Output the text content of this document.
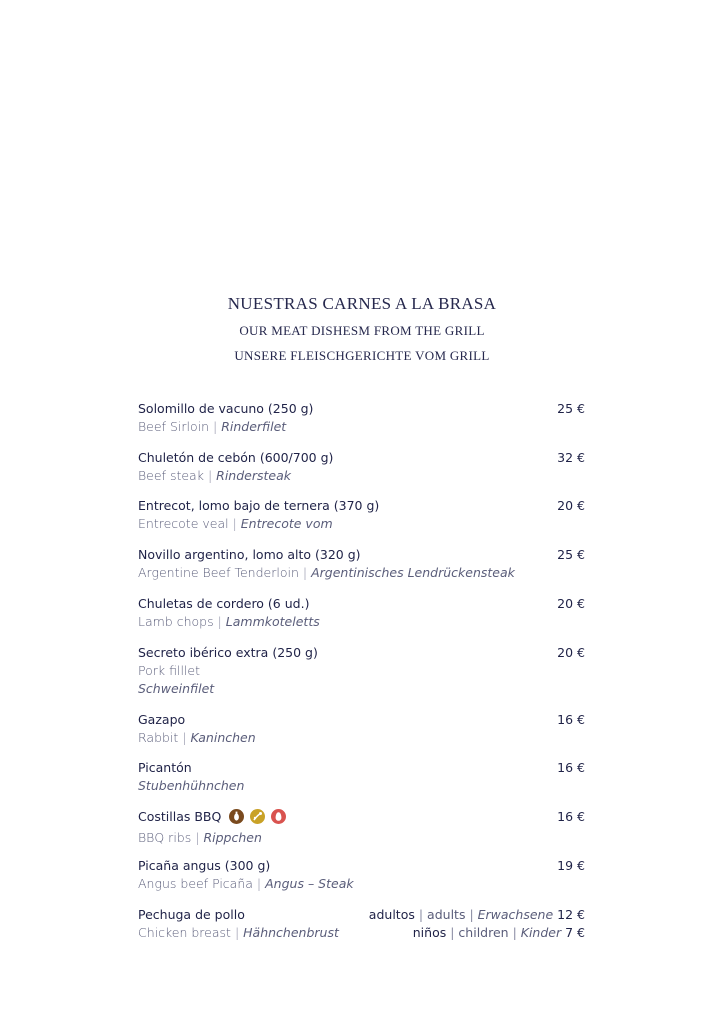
NUESTRAS CARNES A LA BRASA
OUR MEAT DISHESM FROM THE GRILL
UNSERE FLEISCHGERICHTE VOM GRILL
Solomillo de vacuno (250 g)
Beef Sirloin | Rinderfilet
25 €
Chuletón de cebón (600/700 g)
Beef steak | Rindersteak
32 €
Entrecot, lomo bajo de ternera (370 g)
Entrecote veal | Entrecote vom
20 €
Novillo argentino, lomo alto (320 g)
Argentine Beef Tenderloin | Argentinisches Lendrückensteak
25 €
Chuletas de cordero (6 ud.)
Lamb chops | Lammkoteletts
20 €
Secreto ibérico extra (250 g)
Pork filllet
Schweinfilet
20 €
Gazapo
Rabbit | Kaninchen
16 €
Picantón
Stubenhühnchen
16 €
Costillas BBQ
BBQ ribs | Rippchen
16 €
Picaña angus (300 g)
Angus beef Picaña | Angus – Steak
19 €
Pechuga de pollo
Chicken breast | Hähnchenbrust
adultos | adults | Erwachsene 12 €
niños | children | Kinder 7 €
